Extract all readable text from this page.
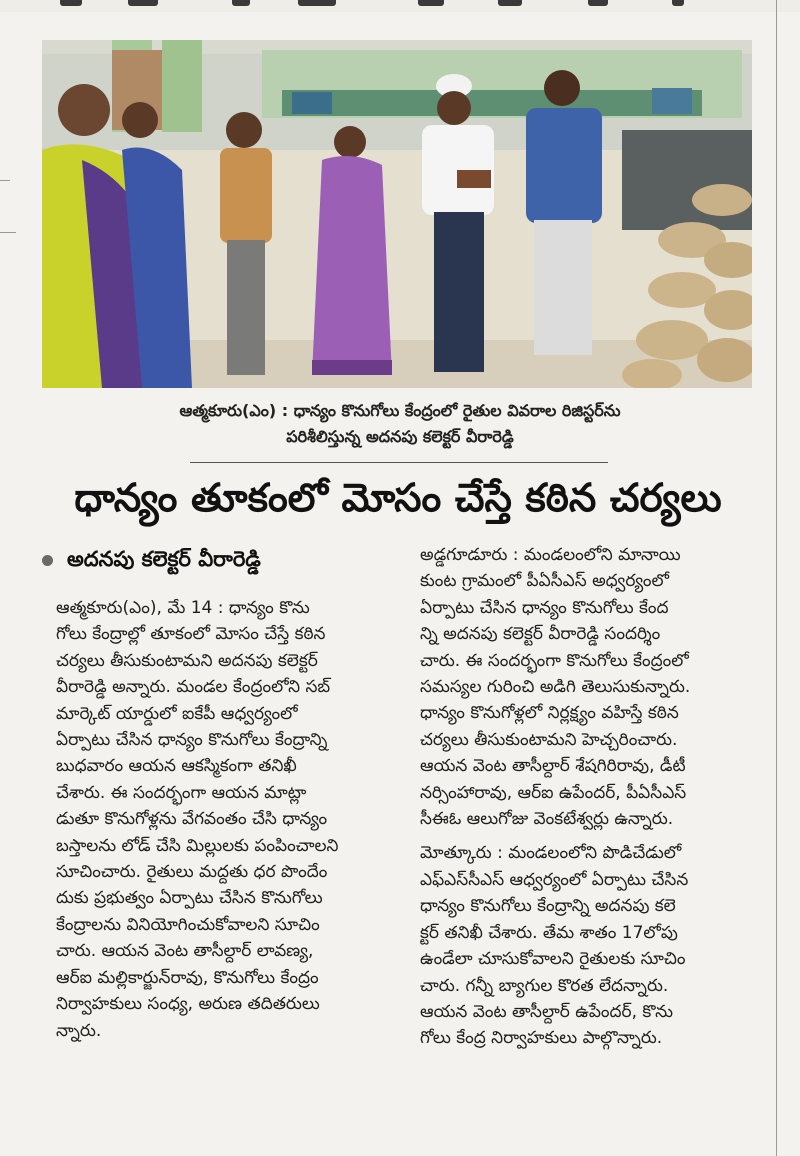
ఆత్మకూరు(ఎం) : ధాన్యం కొనుగోలు కేంద్రంలో రైతుల వివరాల రిజిస్టర్‌ను
పరిశీలిస్తున్న అదనపు కలెక్టర్ వీరారెడ్డి
ధాన్యం తూకంలో మోసం చేస్తే కఠిన చర్యలు
అదనపు కలెక్టర్ వీరారెడ్డి

ఆత్మకూరు(ఎం), మే 14 : ధాన్యం కొను
గోలు కేంద్రాల్లో తూకంలో మోసం చేస్తే కఠిన
చర్యలు తీసుకుంటామని అదనపు కలెక్టర్
వీరారెడ్డి అన్నారు. మండల కేంద్రంలోని సబ్
మార్కెట్ యార్డులో ఐకేపీ ఆధ్వర్యంలో
ఏర్పాటు చేసిన ధాన్యం కొనుగోలు కేంద్రాన్ని
బుధవారం ఆయన ఆకస్మికంగా తనిఖీ
చేశారు. ఈ సందర్భంగా ఆయన మాట్లా
డుతూ కొనుగోళ్లను వేగవంతం చేసి ధాన్యం
బస్తాలను లోడ్ చేసి మిల్లులకు పంపించాలని
సూచించారు. రైతులు మద్దతు ధర పొందేం
దుకు ప్రభుత్వం ఏర్పాటు చేసిన కొనుగోలు
కేంద్రాలను వినియోగించుకోవాలని సూచిం
చారు. ఆయన వెంట తాసీల్దార్ లావణ్య,
ఆర్ఐ మల్లికార్జున్‌రావు, కొనుగోలు కేంద్రం
నిర్వాహకులు సంధ్య, అరుణ తదితరులు
న్నారు.

అడ్డగూడూరు : మండలంలోని మానాయి
కుంట గ్రామంలో పీఏసీఎస్ అధ్వర్యంలో
ఏర్పాటు చేసిన ధాన్యం కొనుగోలు కేంద
న్ని అదనపు కలెక్టర్ వీరారెడ్డి సందర్శిం
చారు. ఈ సందర్భంగా కొనుగోలు కేంద్రంలో
సమస్యల గురించి అడిగి తెలుసుకున్నారు.
ధాన్యం కొనుగోళ్లలో నిర్లక్ష్యం వహిస్తే కఠిన
చర్యలు తీసుకుంటామని హెచ్చరించారు.
ఆయన వెంట తాసీల్దార్ శేషగిరిరావు, డీటీ
నర్సింహారావు, ఆర్ఐ ఉపేందర్, పీఏసీఎస్
సీఈఓ ఆలుగోజు వెంకటేశ్వర్లు ఉన్నారు.

మోత్కూరు : మండలంలోని పొడిచేడులో
ఎఫ్ఎస్‌సీఎస్ ఆధ్వర్యంలో ఏర్పాటు చేసిన
ధాన్యం కొనుగోలు కేంద్రాన్ని అదనపు కలె
క్టర్ తనిఖీ చేశారు. తేమ శాతం 17లోపు
ఉండేలా చూసుకోవాలని రైతులకు సూచిం
చారు. గన్నీ బ్యాగుల కొరత లేదన్నారు.
ఆయన వెంట తాసీల్దార్ ఉపేందర్, కొను
గోలు కేంద్ర నిర్వాహకులు పాల్గొన్నారు.
